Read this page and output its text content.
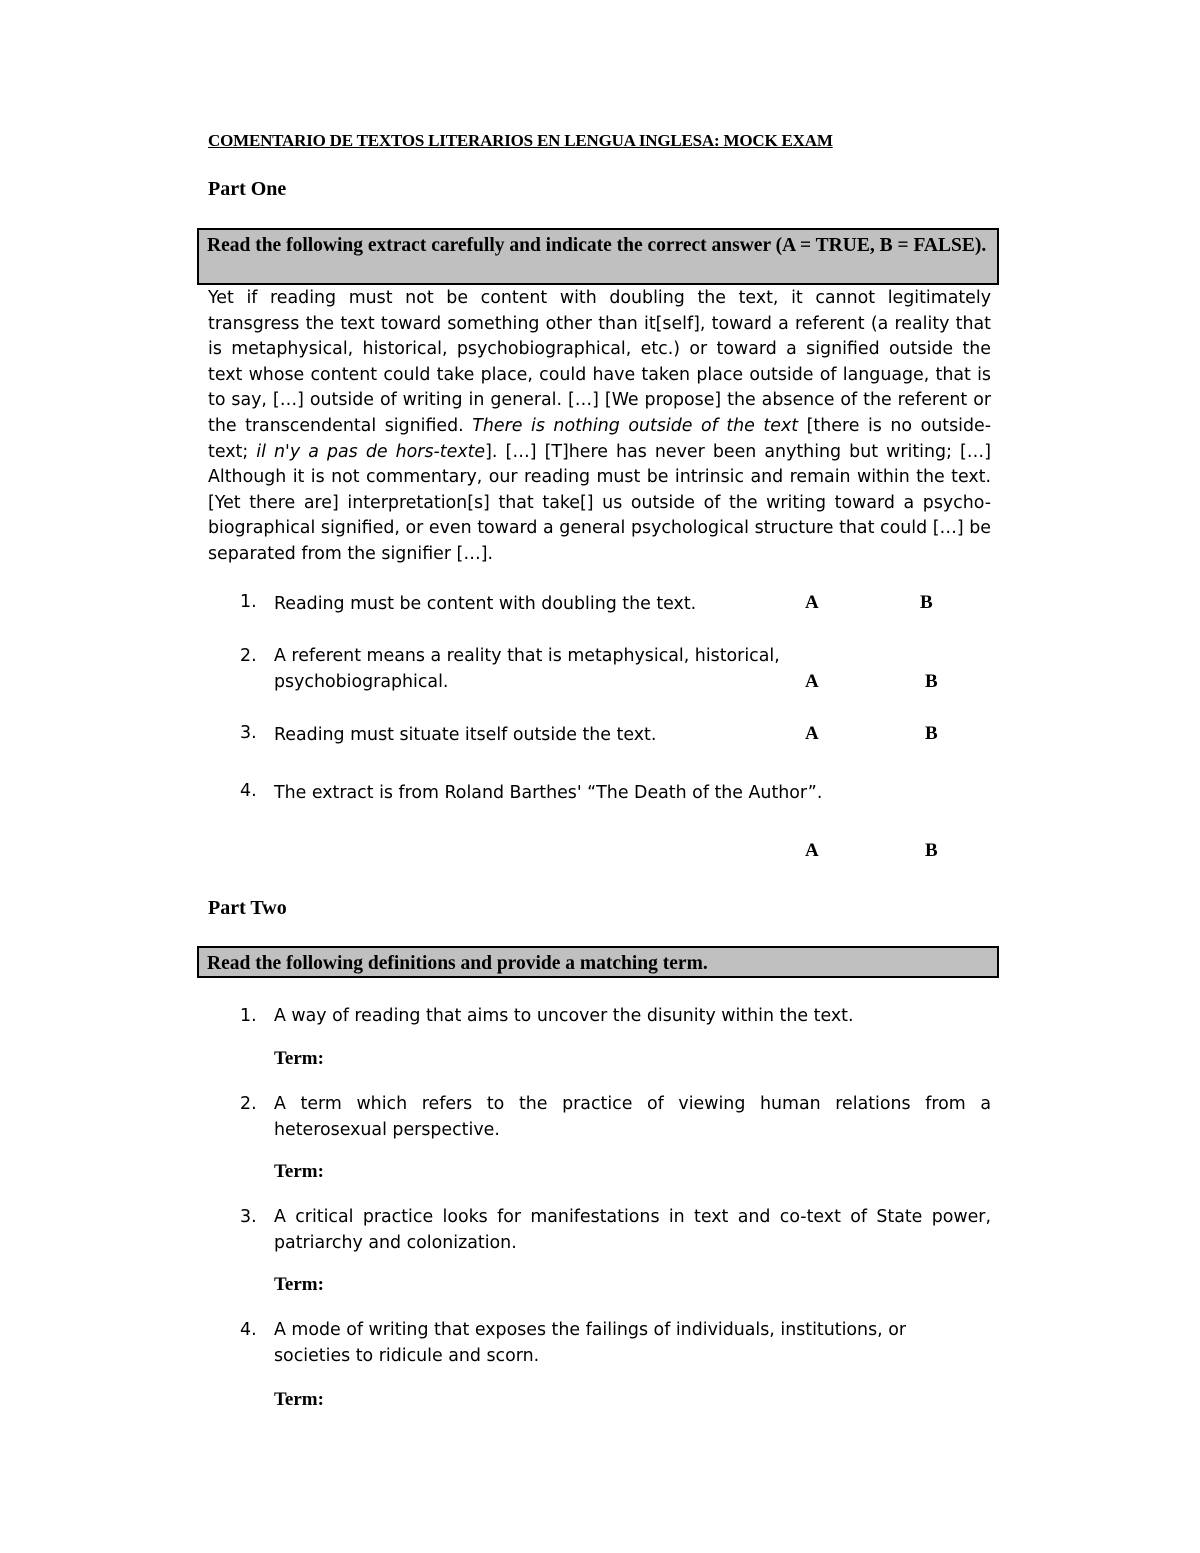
COMENTARIO DE TEXTOS LITERARIOS EN LENGUA INGLESA: MOCK EXAM
Part One
Read the following extract carefully and indicate the correct answer (A = TRUE, B = FALSE).

Yet if reading must not be content with doubling the text, it cannot legitimately transgress the text toward something other than it[self], toward a referent (a reality that is metaphysical, historical, psychobiographical, etc.) or toward a signified outside the text whose content could take place, could have taken place outside of language, that is to say, […] outside of writing in general. […] [We propose] the absence of the referent or the transcendental signified. There is nothing outside of the text [there is no outside-text; il n'y a pas de hors-texte]. […] [T]here has never been anything but writing; […] Although it is not commentary, our reading must be intrinsic and remain within the text. [Yet there are] interpretation[s] that take[] us outside of the writing toward a psycho-biographical signified, or even toward a general psychological structure that could […] be separated from the signifier […].

1. Reading must be content with doubling the text.	A	B
2. A referent means a reality that is metaphysical, historical, psychobiographical.	A	B
3. Reading must situate itself outside the text.	A	B
4. The extract is from Roland Barthes' “The Death of the Author”.
A	B
Part Two
Read the following definitions and provide a matching term.
1. A way of reading that aims to uncover the disunity within the text.
Term:
2. A term which refers to the practice of viewing human relations from a heterosexual perspective.
Term:
3. A critical practice looks for manifestations in text and co-text of State power, patriarchy and colonization.
Term:
4. A mode of writing that exposes the failings of individuals, institutions, or societies to ridicule and scorn.
Term:
